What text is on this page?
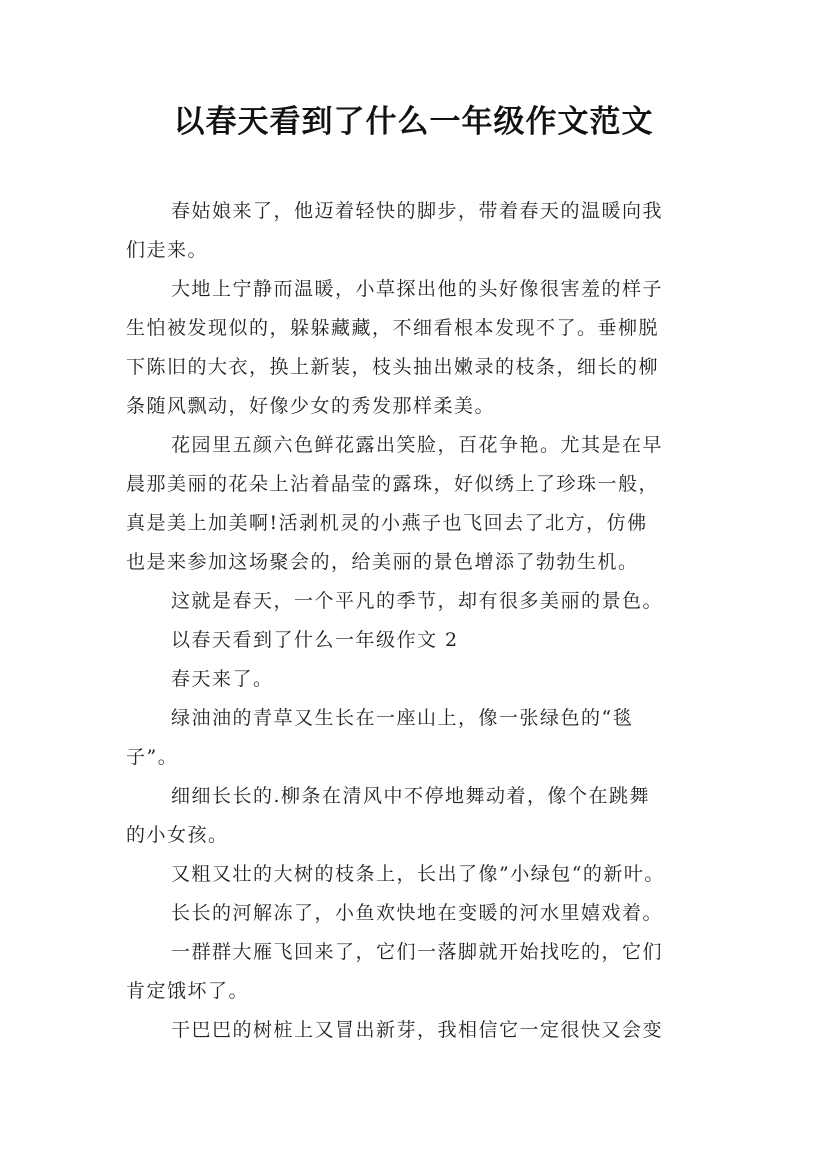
以春天看到了什么一年级作文范文
春姑娘来了，他迈着轻快的脚步，带着春天的温暖向我
们走来。
大地上宁静而温暖，小草探出他的头好像很害羞的样子
生怕被发现似的，躲躲藏藏，不细看根本发现不了。垂柳脱
下陈旧的大衣，换上新装，枝头抽出嫩录的枝条，细长的柳
条随风飘动，好像少女的秀发那样柔美。
花园里五颜六色鲜花露出笑脸，百花争艳。尤其是在早
晨那美丽的花朵上沾着晶莹的露珠，好似绣上了珍珠一般，
真是美上加美啊!活剥机灵的小燕子也飞回去了北方，仿佛
也是来参加这场聚会的，给美丽的景色增添了勃勃生机。
这就是春天，一个平凡的季节，却有很多美丽的景色。
以春天看到了什么一年级作文 2
春天来了。
绿油油的青草又生长在一座山上，像一张绿色的“毯
子”。
细细长长的.柳条在清风中不停地舞动着，像个在跳舞
的小女孩。
又粗又壮的大树的枝条上，长出了像”小绿包“的新叶。
长长的河解冻了，小鱼欢快地在变暖的河水里嬉戏着。
一群群大雁飞回来了，它们一落脚就开始找吃的，它们
肯定饿坏了。
干巴巴的树桩上又冒出新芽，我相信它一定很快又会变
